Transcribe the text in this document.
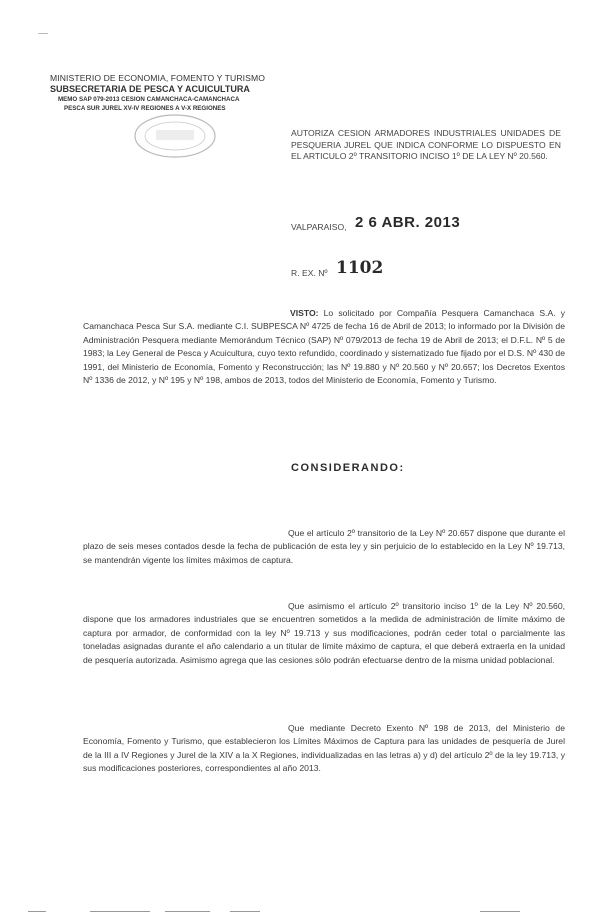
MINISTERIO DE ECONOMIA, FOMENTO Y TURISMO
SUBSECRETARIA DE PESCA Y ACUICULTURA
MEMO SAP 079-2013 CESION CAMANCHACA-CAMANCHACA
PESCA SUR JUREL XV-IV REGIONES A V-X REGIONES
AUTORIZA CESION ARMADORES INDUSTRIALES UNIDADES DE PESQUERIA JUREL QUE INDICA CONFORME LO DISPUESTO EN EL ARTICULO 2º TRANSITORIO INCISO 1º DE LA LEY Nº 20.560.
VALPARAISO, 2 6 ABR. 2013
R. EX. Nº 1102
VISTO: Lo solicitado por Compañía Pesquera Camanchaca S.A. y Camanchaca Pesca Sur S.A. mediante C.I. SUBPESCA Nº 4725 de fecha 16 de Abril de 2013; lo informado por la División de Administración Pesquera mediante Memorándum Técnico (SAP) Nº 079/2013 de fecha 19 de Abril de 2013; el D.F.L. Nº 5 de 1983; la Ley General de Pesca y Acuicultura, cuyo texto refundido, coordinado y sistematizado fue fijado por el D.S. Nº 430 de 1991, del Ministerio de Economía, Fomento y Reconstrucción; las Nº 19.880 y Nº 20.560 y Nº 20.657; los Decretos Exentos Nº 1336 de 2012, y Nº 195 y Nº 198, ambos de 2013, todos del Ministerio de Economía, Fomento y Turismo.
CONSIDERANDO:
Que el artículo 2º transitorio de la Ley Nº 20.657 dispone que durante el plazo de seis meses contados desde la fecha de publicación de esta ley y sin perjuicio de lo establecido en la Ley Nº 19.713, se mantendrán vigente los límites máximos de captura.
Que asimismo el artículo 2º transitorio inciso 1º de la Ley Nº 20.560, dispone que los armadores industriales que se encuentren sometidos a la medida de administración de límite máximo de captura por armador, de conformidad con la ley Nº 19.713 y sus modificaciones, podrán ceder total o parcialmente las toneladas asignadas durante el año calendario a un titular de límite máximo de captura, el que deberá extraerla en la unidad de pesquería autorizada. Asimismo agrega que las cesiones sólo podrán efectuarse dentro de la misma unidad poblacional.
Que mediante Decreto Exento Nº 198 de 2013, del Ministerio de Economía, Fomento y Turismo, que establecieron los Límites Máximos de Captura para las unidades de pesquería de Jurel de la III a IV Regiones y Jurel de la XIV a la X Regiones, individualizadas en las letras a) y d) del artículo 2º de la ley 19.713, y sus modificaciones posteriores, correspondientes al año 2013.
